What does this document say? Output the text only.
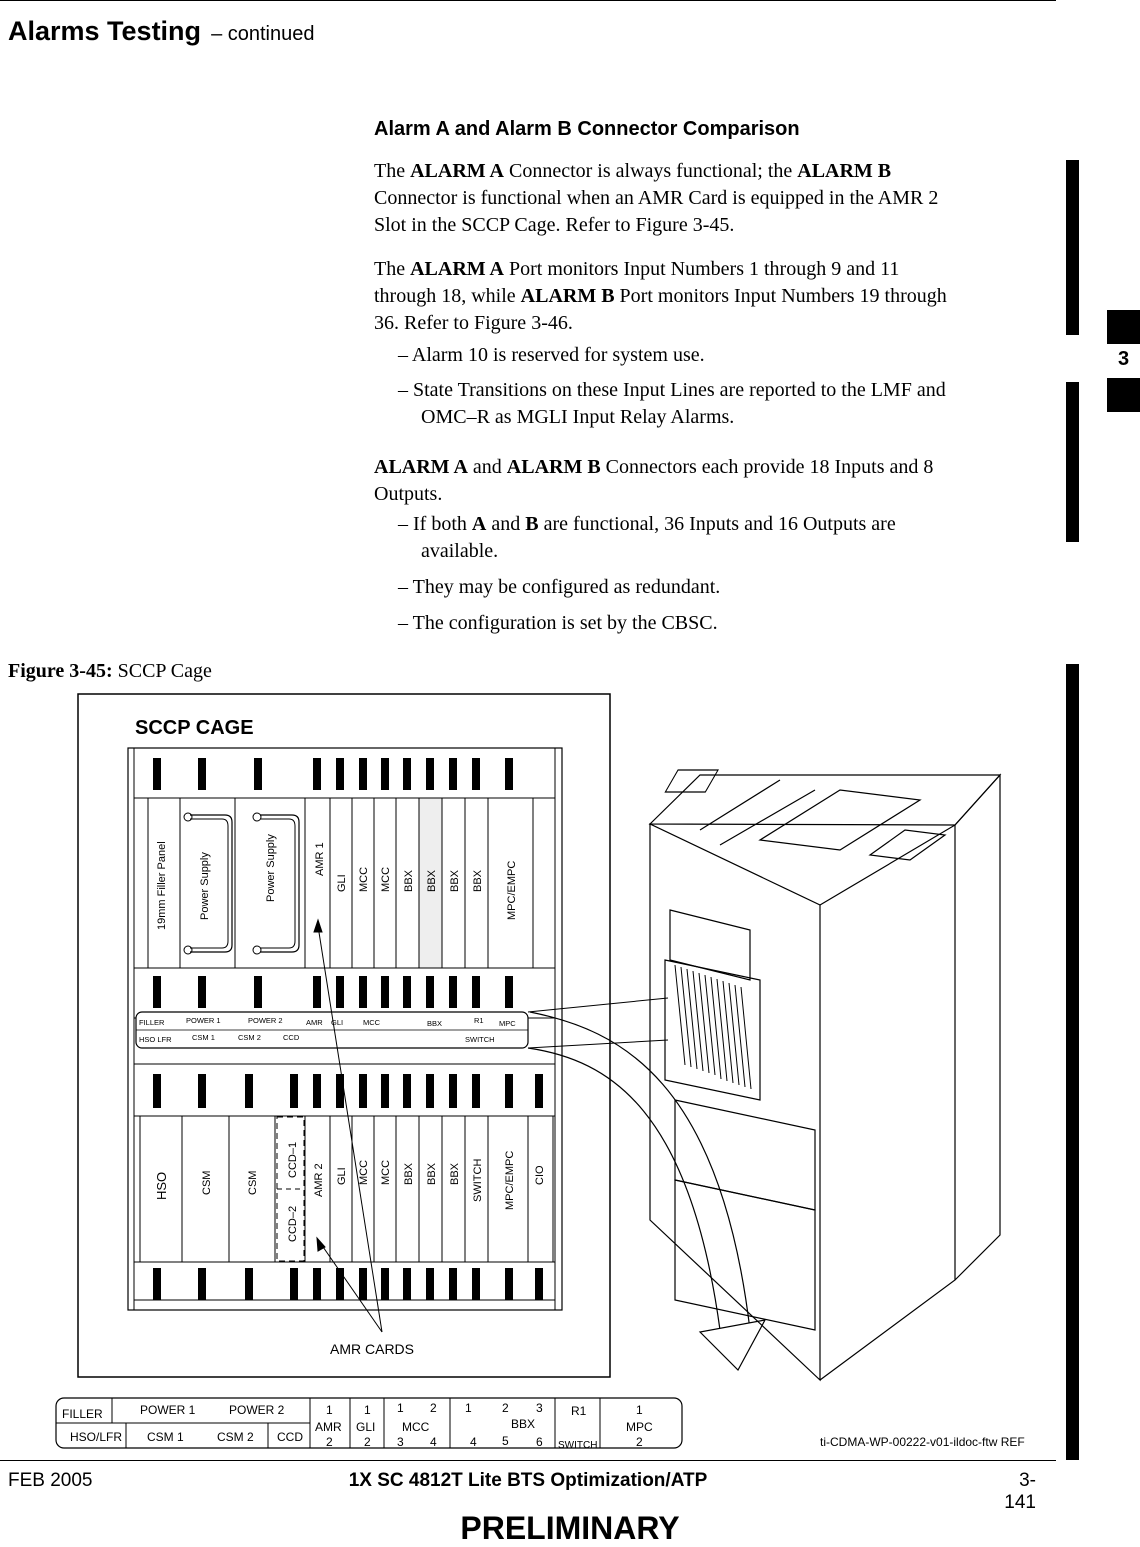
Alarms Testing – continued
Alarm A and Alarm B Connector Comparison
The ALARM A Connector is always functional; the ALARM B
Connector is functional when an AMR Card is equipped in the AMR 2
Slot in the SCCP Cage. Refer to Figure 3-45.
The ALARM A Port monitors Input Numbers 1 through 9 and 11
through 18, while ALARM B Port monitors Input Numbers 19 through
36. Refer to Figure 3-46.
– Alarm 10 is reserved for system use.
– State Transitions on these Input Lines are reported to the LMF and
OMC–R as MGLI Input Relay Alarms.
ALARM A and ALARM B Connectors each provide 18 Inputs and 8
Outputs.
– If both A and B are functional, 36 Inputs and 16 Outputs are
available.
– They may be configured as redundant.
– The configuration is set by the CBSC.
3
Figure 3-45: SCCP Cage
SCCP CAGE
19mm Filler Panel	Power Supply	Power Supply	AMR 1
GLI MCC MCC BBX BBX BBX BBX MPC/EMPC
FILLER	POWER 1	POWER 2
HSO LFR	CSM 1	CSM 2	CCD
AMR GLI	MCC	BBX	R1
SWITCH
MPC
HSO	CSM	CSM
CCD–1
CCD–2
AMR 2 GLI MCC MCC BBX BBX BBX SWITCH MPC/EMPC CIO
AMR CARDS
FILLER	POWER 1	POWER 2
HSO/LFR CSM 1	CSM 2 CCD
1
AMR
2
1
GLI
2
1 2
MCC
3 4
1	2 3
BBX
4 5 6
R1
SWITCH
1
MPC
2	ti-CDMA-WP-00222-v01-ildoc-ftw REF
FEB 2005	1X SC 4812T Lite BTS Optimization/ATP	3-141
PRELIMINARY
